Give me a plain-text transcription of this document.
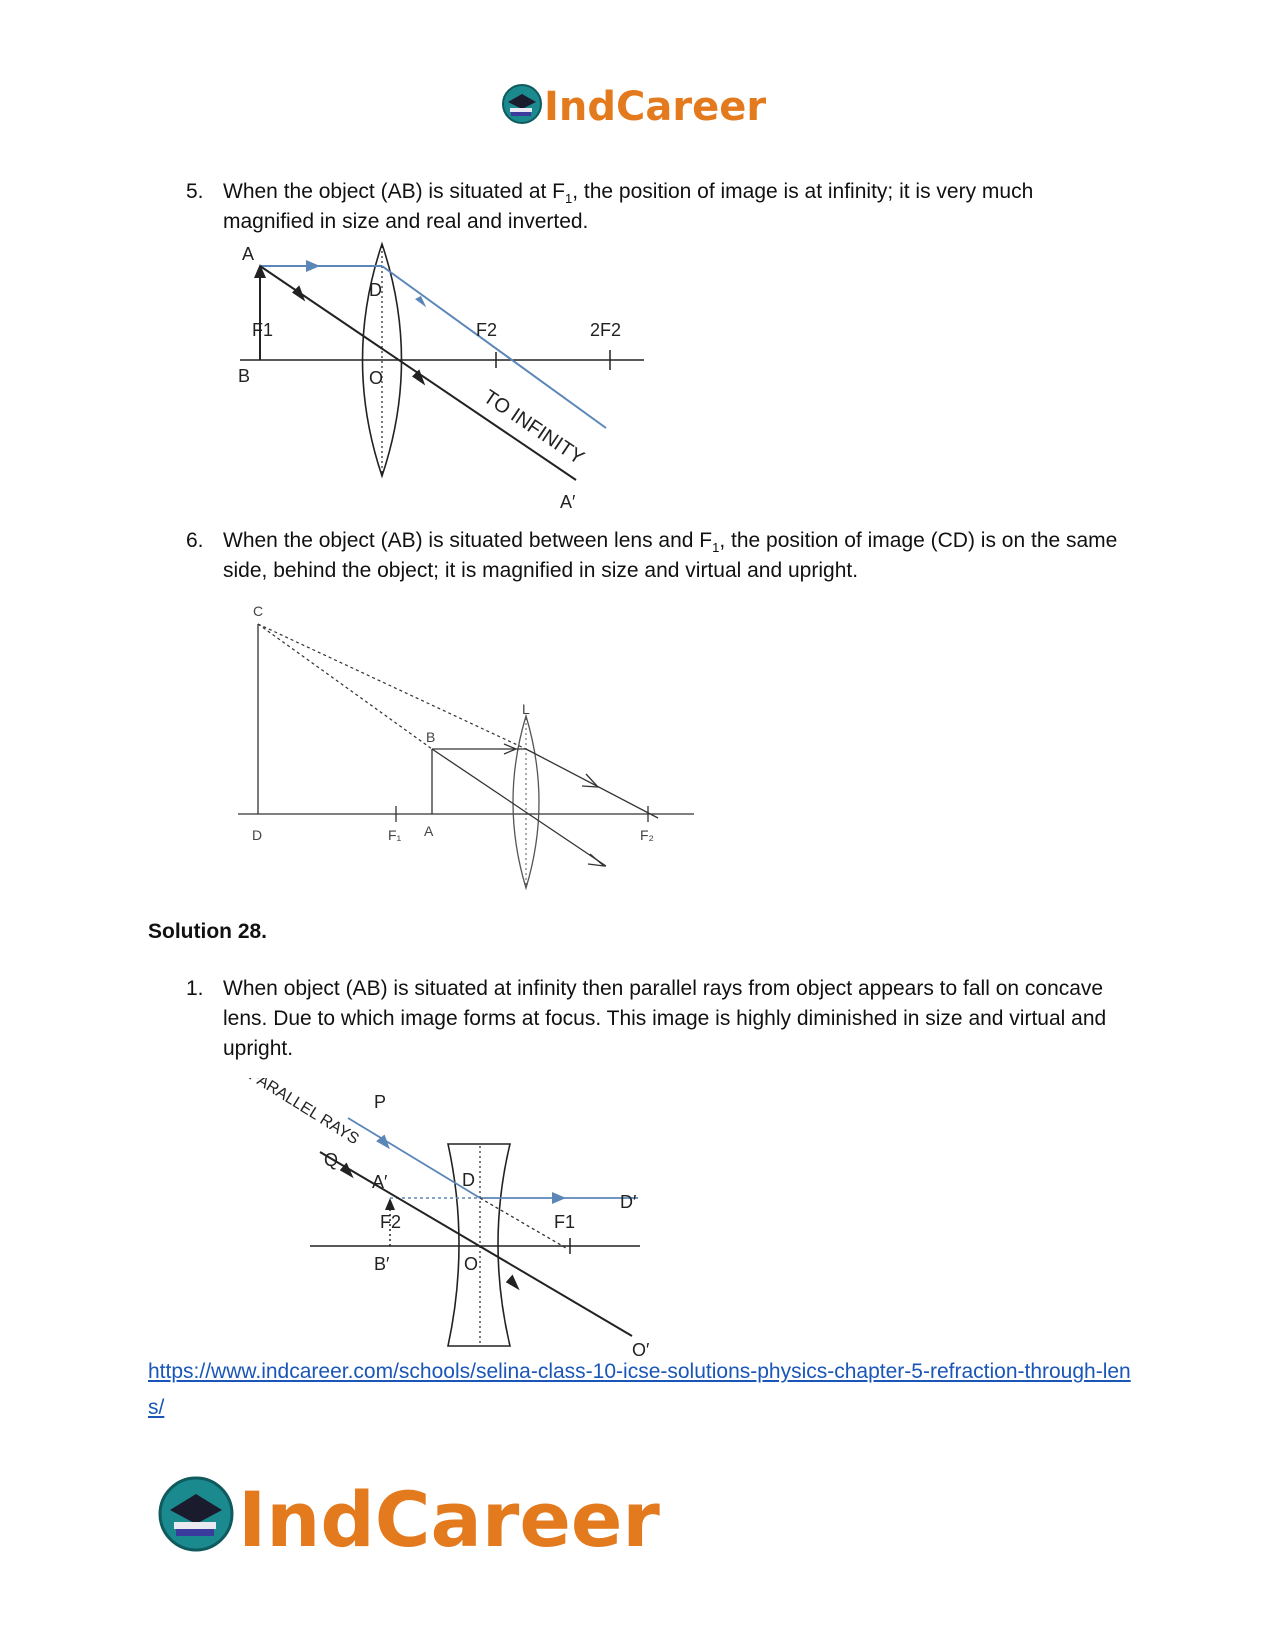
IndCareer
5. When the object (AB) is situated at $F_1$, the position of image is at infinity; it is very much magnified in size and real and inverted.
A
B
D
O
F1	F2	2F2
TO INFINITY
A′
6. When the object (AB) is situated between lens and $F_1$, the position of image (CD) is on the same side, behind the object; it is magnified in size and virtual and upright.
C
B
L
D	F₁ A	F₂
Solution 28.
1. When object (AB) is situated at infinity then parallel rays from object appears to fall on concave lens. Due to which image forms at focus. This image is highly diminished in size and virtual and upright.
PARALLEL RAYS P
Q
A′	D
D′
F1
F2
B′	O
O′
https://www.indcareer.com/schools/selina-class-10-icse-solutions-physics-chapter-5-refraction-through-lens/
IndCareer
